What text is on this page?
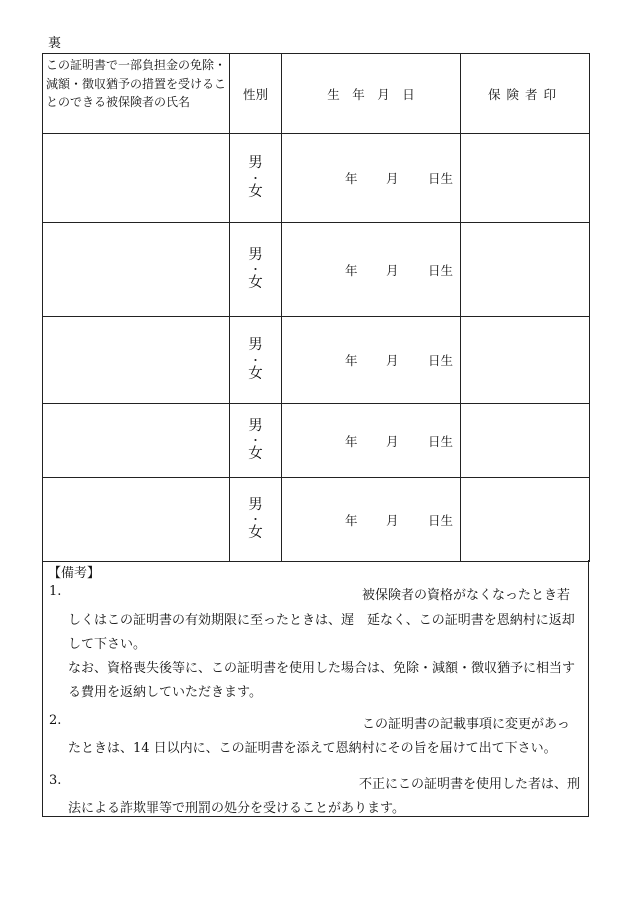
裏
この証明書で一部負担金の免除・減額・徴収猶予の措置を受けることのできる被保険者の氏名	性別	生　年　月　日	保険者印
	男
・
女	年 月 日生	

	男
・
女	年 月 日生	

	男
・
女	年 月 日生	

	男
・
女	年 月 日生	

	男
・
女	年 月 日生	

【備考】
1.	被保険者の資格がなくなったとき若
しくはこの証明書の有効期限に至ったときは、遅　延なく、この証明書を恩納村に返却
して下さい。
なお、資格喪失後等に、この証明書を使用した場合は、免除・減額・徴収猶予に相当す
る費用を返納していただきます。
2.	この証明書の記載事項に変更があっ
たときは、14 日以内に、この証明書を添えて恩納村にその旨を届けて出て下さい。
3.	不正にこの証明書を使用した者は、刑
法による詐欺罪等で刑罰の処分を受けることがあります。
